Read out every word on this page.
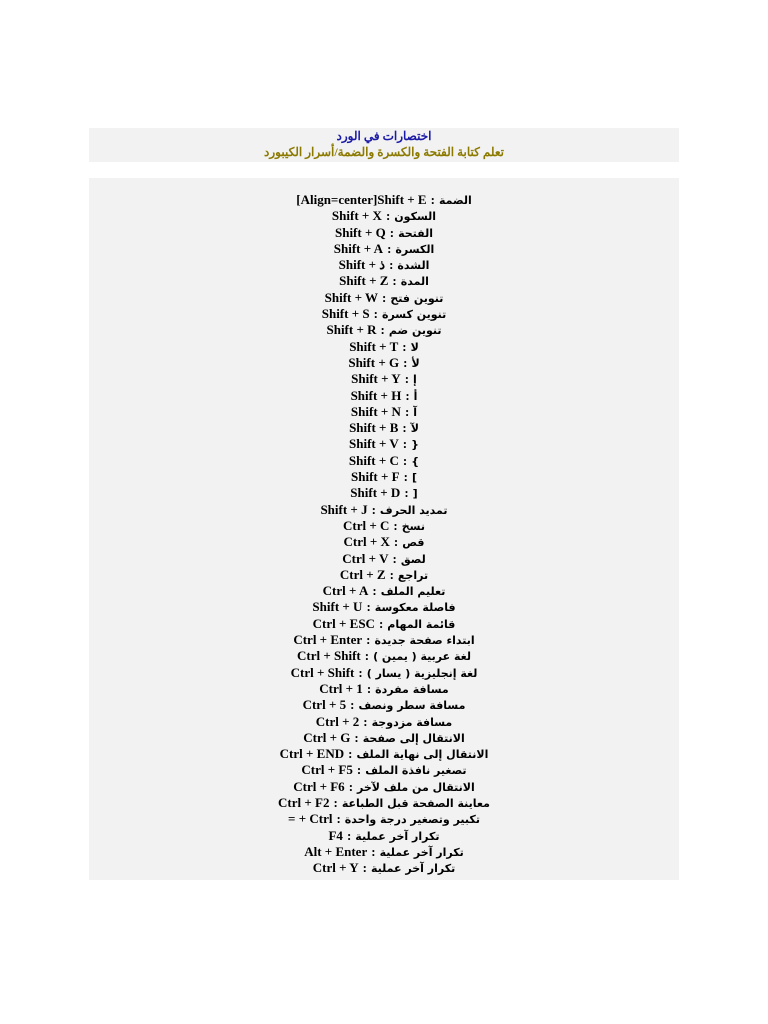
اختصارات في الورد
تعلم كتابة الفتحة والكسرة والضمة/أسرار الكيبورد
[Align=center]Shift + E : الضمة
Shift + X : السكون
Shift + Q : الفتحة
Shift + A : الكسرة
Shift + ذ : الشدة
Shift + Z : المدة
Shift + W : تنوين فتح
Shift + S : تنوين كسرة
Shift + R : تنوين ضم
Shift + T : لا
Shift + G : لأ
Shift + Y : إ
Shift + H : أ
Shift + N : آ
Shift + B : لآ
Shift + V : {
Shift + C : }
Shift + F : ]
Shift + D : [
Shift + J : تمديد الحرف
Ctrl + C : نسخ
Ctrl + X : قص
Ctrl + V : لصق
Ctrl + Z : تراجع
Ctrl + A : تعليم الملف
Shift + U : فاصلة معكوسة
Ctrl + ESC : قائمة المهام
Ctrl + Enter : ابتداء صفحة جديدة
Ctrl + Shift : لغة عربية ( يمين )
Ctrl + Shift : لغة إنجليزية ( يسار )
Ctrl + 1 : مسافة مفردة
Ctrl + 5 : مسافة سطر ونصف
Ctrl + 2 : مسافة مزدوجة
Ctrl + G : الانتقال إلى صفحة
Ctrl + END : الانتقال إلى نهاية الملف
Ctrl + F5 : تصغير نافذة الملف
Ctrl + F6 : الانتقال من ملف لآخر
Ctrl + F2 : معاينة الصفحة قبل الطباعة
= + Ctrl : تكبير وتصغير درجة واحدة
F4 : تكرار آخر عملية
Alt + Enter : تكرار آخر عملية
Ctrl + Y : تكرار آخر عملية
